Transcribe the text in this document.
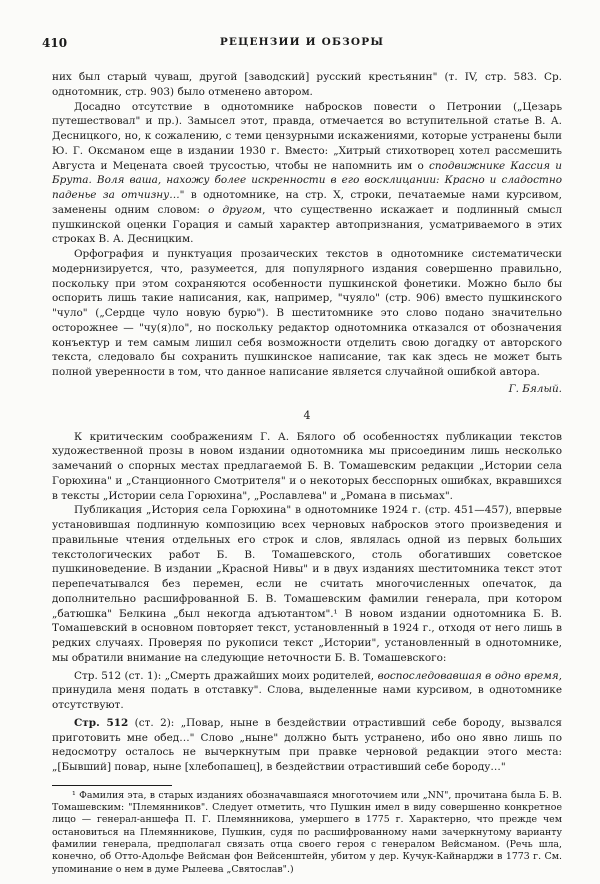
410	РЕЦЕНЗИИ И ОБЗОРЫ

них был старый чуваш, другой [заводский] русский крестьянин" (т. IV, стр. 583. Ср. однотомник, стр. 903) было отменено автором.

Досадно отсутствие в однотомнике набросков повести о Петронии („Цезарь путешествовал" и пр.). Замысел этот, правда, отмечается во вступительной статье В. А. Десницкого, но, к сожалению, с теми цензурными искажениями, которые устранены были Ю. Г. Оксманом еще в издании 1930 г. Вместо: „Хитрый стихотворец хотел рассмешить Августа и Мецената своей трусостью, чтобы не напомнить им о сподвижнике Кассия и Брута. Воля ваша, нахожу более искренности в его восклицании: Красно и сладостно паденье за отчизну…" в однотомнике, на стр. X, строки, печатаемые нами курсивом, заменены одним словом: о другом, что существенно искажает и подлинный смысл пушкинской оценки Горация и самый характер автопризнания, усматриваемого в этих строках В. А. Десницким.

Орфография и пунктуация прозаических текстов в однотомнике систематически модернизируется, что, разумеется, для популярного издания совершенно правильно, поскольку при этом сохраняются особенности пушкинской фонетики. Можно было бы оспорить лишь такие написания, как, например, "чуяло" (стр. 906) вместо пушкинского "чуло" („Сердце чуло новую бурю"). В шеститомнике это слово подано значительно осторожнее — "чу(я)ло", но поскольку редактор однотомника отказался от обозначения конъектур и тем самым лишил себя возможности отделить свою догадку от авторского текста, следовало бы сохранить пушкинское написание, так как здесь не может быть полной уверенности в том, что данное написание является случайной ошибкой автора.

Г. Бялый.

4

К критическим соображениям Г. А. Бялого об особенностях публикации текстов художественной прозы в новом издании однотомника мы присоединим лишь несколько замечаний о спорных местах предлагаемой Б. В. Томашевским редакции „Истории села Горюхина" и „Станционного Смотрителя" и о некоторых бесспорных ошибках, вкравшихся в тексты „Истории села Горюхина", „Рославлева" и „Романа в письмах".

Публикация „История села Горюхина" в однотомнике 1924 г. (стр. 451—457), впервые установившая подлинную композицию всех черновых набросков этого произведения и правильные чтения отдельных его строк и слов, являлась одной из первых больших текстологических работ Б. В. Томашевского, столь обогативших советское пушкиноведение. В издании „Красной Нивы" и в двух изданиях шеститомника текст этот перепечатывался без перемен, если не считать многочисленных опечаток, да дополнительно расшифрованной Б. В. Томашевским фамилии генерала, при котором „батюшка" Белкина „был некогда адъютантом".¹ В новом издании однотомника Б. В. Томашевский в основном повторяет текст, установленный в 1924 г., отходя от него лишь в редких случаях. Проверяя по рукописи текст „Истории", установленный в однотомнике, мы обратили внимание на следующие неточности Б. В. Томашевского:

Стр. 512 (ст. 1): „Смерть дражайших моих родителей, воспоследовавшая в одно время, принудила меня подать в отставку". Слова, выделенные нами курсивом, в однотомнике отсутствуют.

Стр. 512 (ст. 2): „Повар, ныне в бездействии отрастивший себе бороду, вызвался приготовить мне обед…" Слово „ныне" должно быть устранено, ибо оно явно лишь по недосмотру осталось не вычеркнутым при правке черновой редакции этого места: „[Бывший] повар, ныне [хлебопашец], в бездействии отрастивший себе бороду…"

¹ Фамилия эта, в старых изданиях обозначавшаяся многоточием или „NN", прочитана была Б. В. Томашевским: "Племянников". Следует отметить, что Пушкин имел в виду совершенно конкретное лицо — генерал-аншефа П. Г. Племянникова, умершего в 1775 г. Характерно, что прежде чем остановиться на Племянникове, Пушкин, судя по расшифрованному нами зачеркнутому варианту фамилии генерала, предполагал связать отца своего героя с генералом Вейсманом. (Речь шла, конечно, об Отто-Адольфе Вейсман фон Вейсенштейн, убитом у дер. Кучук-Кайнарджи в 1773 г. См. упоминание о нем в думе Рылеева „Святослав".)
